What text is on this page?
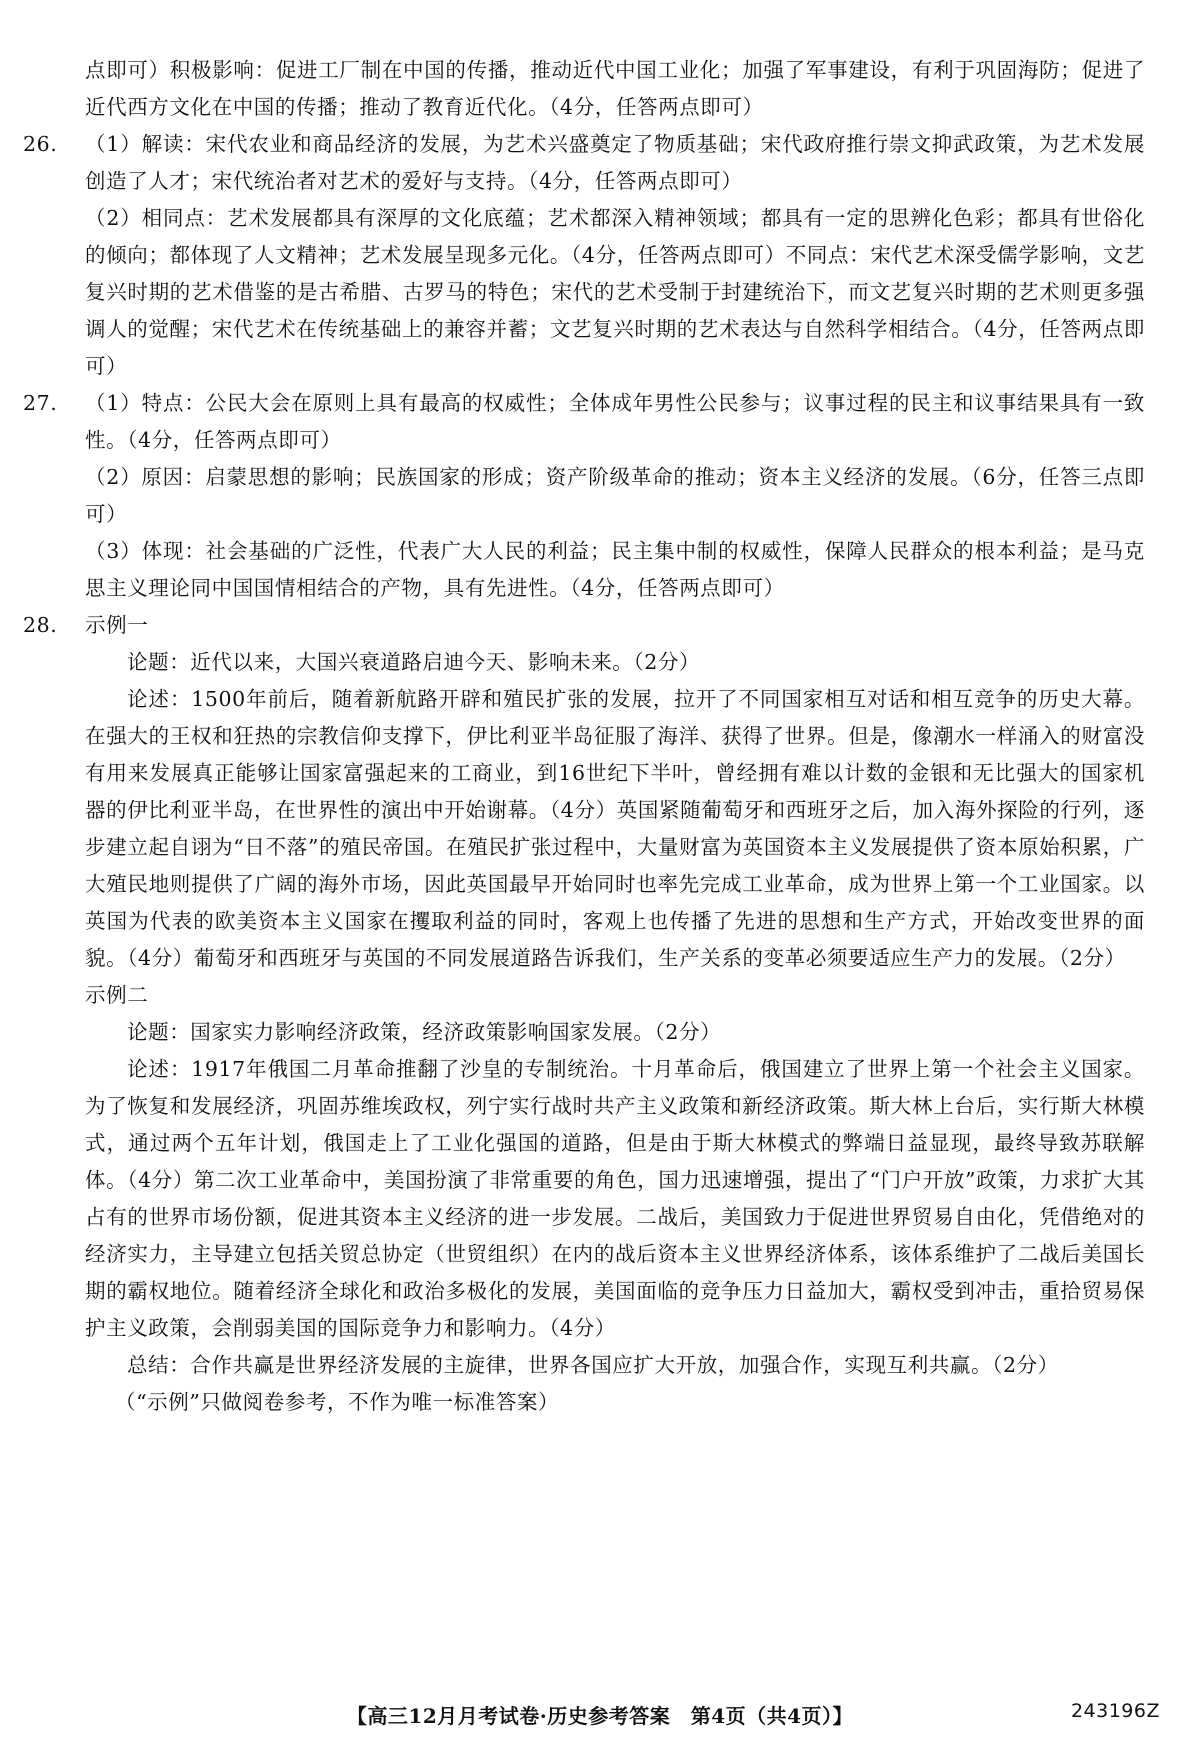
点即可）积极影响：促进工厂制在中国的传播，推动近代中国工业化；加强了军事建设，有利于巩固海防；促进了近代西方文化在中国的传播；推动了教育近代化。（4分，任答两点即可）

26. （1）解读：宋代农业和商品经济的发展，为艺术兴盛奠定了物质基础；宋代政府推行崇文抑武政策，为艺术发展创造了人才；宋代统治者对艺术的爱好与支持。（4分，任答两点即可）

（2）相同点：艺术发展都具有深厚的文化底蕴；艺术都深入精神领域；都具有一定的思辨化色彩；都具有世俗化的倾向；都体现了人文精神；艺术发展呈现多元化。（4分，任答两点即可）不同点：宋代艺术深受儒学影响，文艺复兴时期的艺术借鉴的是古希腊、古罗马的特色；宋代的艺术受制于封建统治下，而文艺复兴时期的艺术则更多强调人的觉醒；宋代艺术在传统基础上的兼容并蓄；文艺复兴时期的艺术表达与自然科学相结合。（4分，任答两点即可）

27. （1）特点：公民大会在原则上具有最高的权威性；全体成年男性公民参与；议事过程的民主和议事结果具有一致性。（4分，任答两点即可）

（2）原因：启蒙思想的影响；民族国家的形成；资产阶级革命的推动；资本主义经济的发展。（6分，任答三点即可）

（3）体现：社会基础的广泛性，代表广大人民的利益；民主集中制的权威性，保障人民群众的根本利益；是马克思主义理论同中国国情相结合的产物，具有先进性。（4分，任答两点即可）

28. 示例一

论题：近代以来，大国兴衰道路启迪今天、影响未来。（2分）

论述：1500年前后，随着新航路开辟和殖民扩张的发展，拉开了不同国家相互对话和相互竞争的历史大幕。在强大的王权和狂热的宗教信仰支撑下，伊比利亚半岛征服了海洋、获得了世界。但是，像潮水一样涌入的财富没有用来发展真正能够让国家富强起来的工商业，到16世纪下半叶，曾经拥有难以计数的金银和无比强大的国家机器的伊比利亚半岛，在世界性的演出中开始谢幕。（4分）英国紧随葡萄牙和西班牙之后，加入海外探险的行列，逐步建立起自诩为“日不落”的殖民帝国。在殖民扩张过程中，大量财富为英国资本主义发展提供了资本原始积累，广大殖民地则提供了广阔的海外市场，因此英国最早开始同时也率先完成工业革命，成为世界上第一个工业国家。以英国为代表的欧美资本主义国家在攫取利益的同时，客观上也传播了先进的思想和生产方式，开始改变世界的面貌。（4分）葡萄牙和西班牙与英国的不同发展道路告诉我们，生产关系的变革必须要适应生产力的发展。（2分）

示例二

论题：国家实力影响经济政策，经济政策影响国家发展。（2分）

论述：1917年俄国二月革命推翻了沙皇的专制统治。十月革命后，俄国建立了世界上第一个社会主义国家。为了恢复和发展经济，巩固苏维埃政权，列宁实行战时共产主义政策和新经济政策。斯大林上台后，实行斯大林模式，通过两个五年计划，俄国走上了工业化强国的道路，但是由于斯大林模式的弊端日益显现，最终导致苏联解体。（4分）第二次工业革命中，美国扮演了非常重要的角色，国力迅速增强，提出了“门户开放”政策，力求扩大其占有的世界市场份额，促进其资本主义经济的进一步发展。二战后，美国致力于促进世界贸易自由化，凭借绝对的经济实力，主导建立包括关贸总协定（世贸组织）在内的战后资本主义世界经济体系，该体系维护了二战后美国长期的霸权地位。随着经济全球化和政治多极化的发展，美国面临的竞争压力日益加大，霸权受到冲击，重拾贸易保护主义政策，会削弱美国的国际竞争力和影响力。（4分）

总结：合作共赢是世界经济发展的主旋律，世界各国应扩大开放，加强合作，实现互利共赢。（2分）

（“示例”只做阅卷参考，不作为唯一标准答案）

【高三12月月考试卷·历史参考答案　第4页（共4页）】	243196Z
